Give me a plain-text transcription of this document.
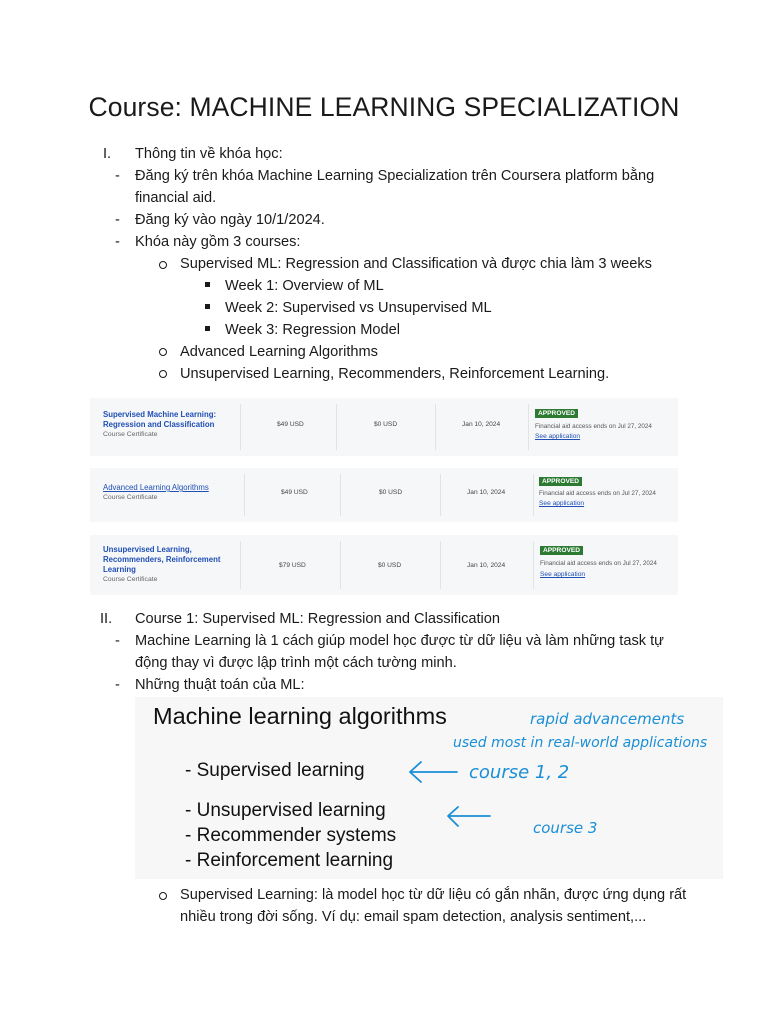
Course: MACHINE LEARNING SPECIALIZATION
I. Thông tin về khóa học:
- Đăng ký trên khóa Machine Learning Specialization trên Coursera platform bằng
financial aid.
- Đăng ký vào ngày 10/1/2024.
- Khóa này gồm 3 courses:
Supervised ML: Regression and Classification và được chia làm 3 weeks
Week 1: Overview of ML
Week 2: Supervised vs Unsupervised ML
Week 3: Regression Model
Advanced Learning Algorithms
Unsupervised Learning, Recommenders, Reinforcement Learning.
Supervised Machine Learning:
Regression and Classification
Course Certificate
$49 USD	$0 USD	Jan 10, 2024
APPROVED
Financial aid access ends on Jul 27, 2024
See application
Advanced Learning Algorithms
Course Certificate
$49 USD	$0 USD	Jan 10, 2024
APPROVED
Financial aid access ends on Jul 27, 2024
See application
Unsupervised Learning,
Recommenders, Reinforcement
Learning
Course Certificate
$79 USD	$0 USD	Jan 10, 2024
APPROVED
Financial aid access ends on Jul 27, 2024
See application
II. Course 1: Supervised ML: Regression and Classification
- Machine Learning là 1 cách giúp model học được từ dữ liệu và làm những task tự
động thay vì được lập trình một cách tường minh.
- Những thuật toán của ML:
Machine learning algorithms
- Supervised learning
- Unsupervised learning
- Recommender systems
- Reinforcement learning
rapid advancements
used most in real-world applications
course 1, 2
course 3
Supervised Learning: là model học từ dữ liệu có gắn nhãn, được ứng dụng rất
nhiều trong đời sống. Ví dụ: email spam detection, analysis sentiment,...
